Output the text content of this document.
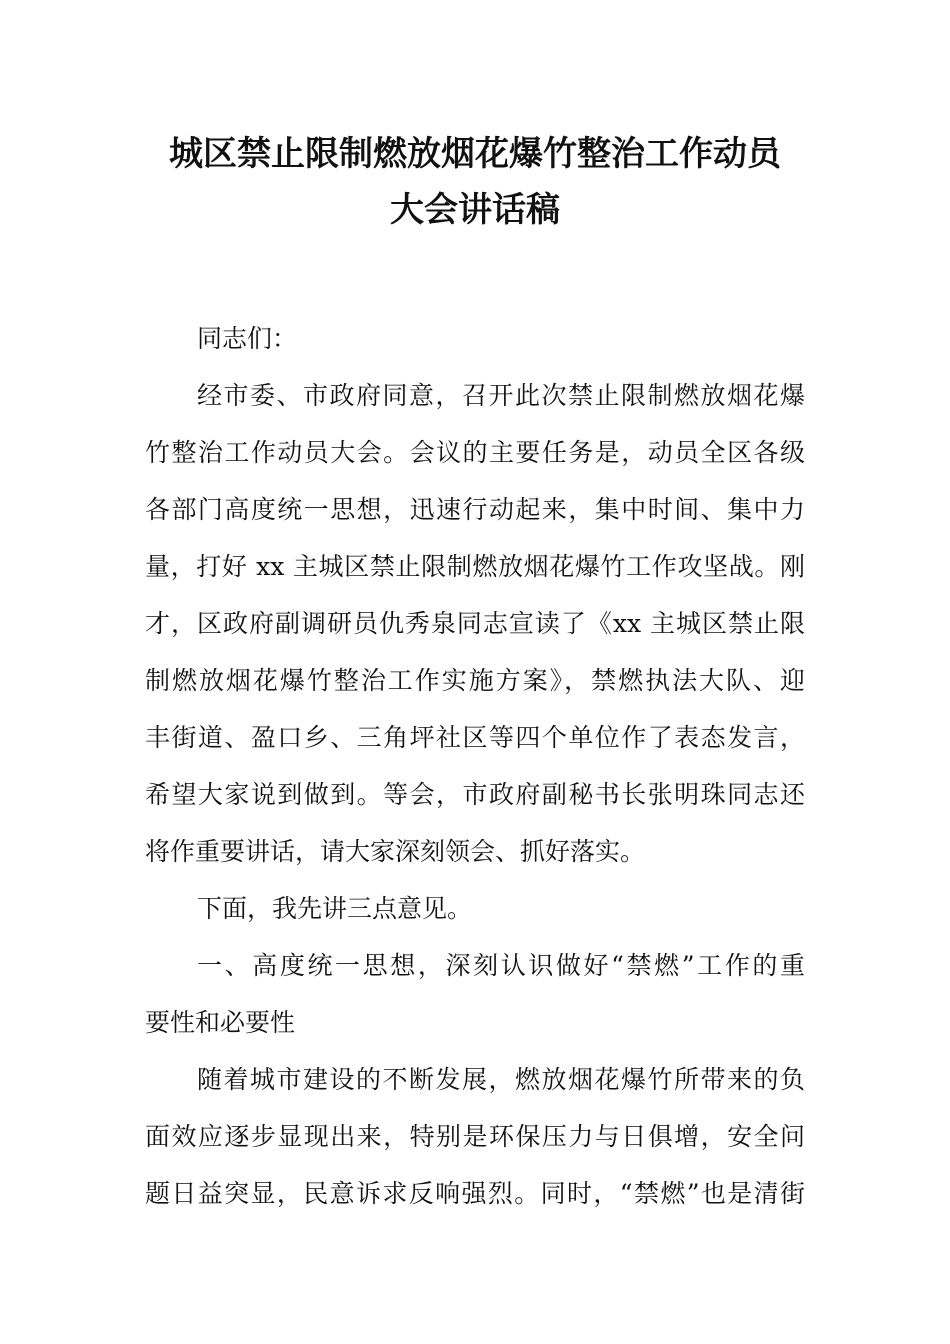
城区禁止限制燃放烟花爆竹整治工作动员
大会讲话稿
同志们：
经市委、市政府同意，召开此次禁止限制燃放烟花爆
竹整治工作动员大会。会议的主要任务是，动员全区各级
各部门高度统一思想，迅速行动起来，集中时间、集中力
量，打好 xx 主城区禁止限制燃放烟花爆竹工作攻坚战。刚
才，区政府副调研员仇秀泉同志宣读了《xx 主城区禁止限
制燃放烟花爆竹整治工作实施方案》，禁燃执法大队、迎
丰街道、盈口乡、三角坪社区等四个单位作了表态发言，
希望大家说到做到。等会，市政府副秘书长张明珠同志还
将作重要讲话，请大家深刻领会、抓好落实。
下面，我先讲三点意见。
一、高度统一思想，深刻认识做好“禁燃”工作的重
要性和必要性
随着城市建设的不断发展，燃放烟花爆竹所带来的负
面效应逐步显现出来，特别是环保压力与日俱增，安全问
题日益突显，民意诉求反响强烈。同时，“禁燃”也是清街
